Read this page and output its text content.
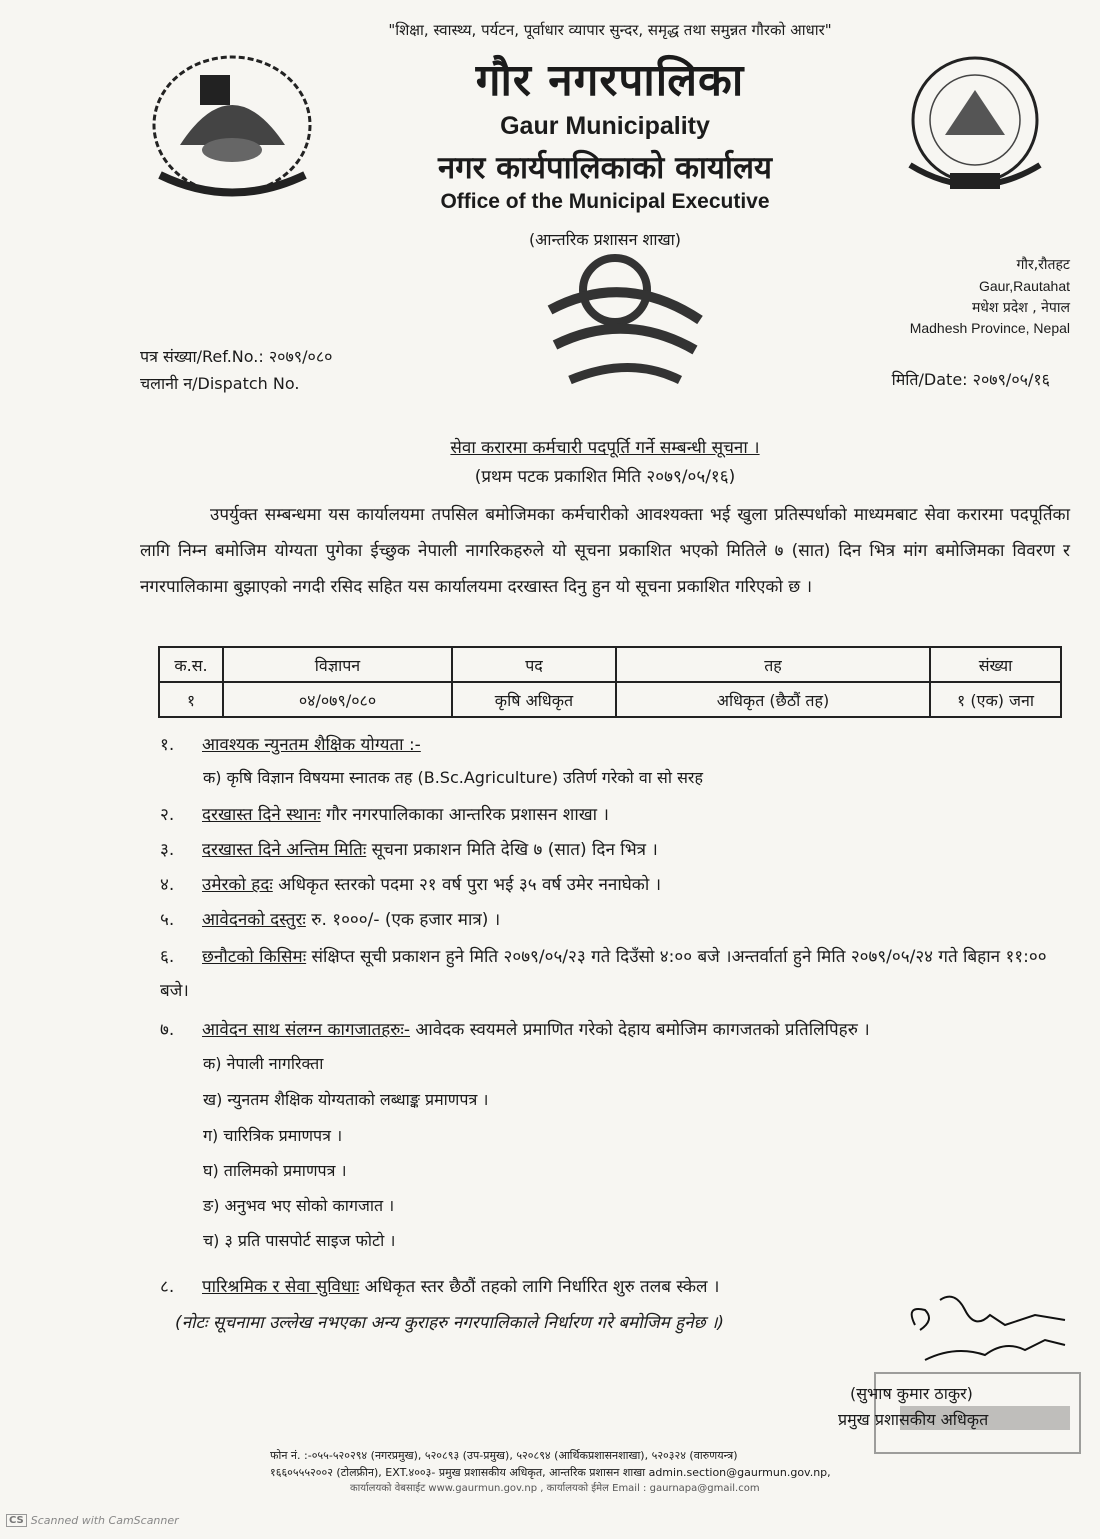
"शिक्षा, स्वास्थ्य, पर्यटन, पूर्वाधार व्यापार सुन्दर, समृद्ध तथा समुन्नत गौरको आधार"
गौर नगरपालिका
Gaur Municipality
नगर कार्यपालिकाको कार्यालय
Office of the Municipal Executive
(आन्तरिक प्रशासन शाखा)
गौर,रौतहट
Gaur,Rautahat
मधेश प्रदेश , नेपाल
Madhesh Province, Nepal
पत्र संख्या/Ref.No.: २०७९/०८०
चलानी न/Dispatch No.	मिति/Date: २०७९/०५/१६
सेवा करारमा कर्मचारी पदपूर्ति गर्ने सम्बन्धी सूचना ।
(प्रथम पटक प्रकाशित मिति २०७९/०५/१६)

उपर्युक्त सम्बन्धमा यस कार्यालयमा तपसिल बमोजिमका कर्मचारीको आवश्यक्ता भई खुला प्रतिस्पर्धाको माध्यमबाट सेवा करारमा पदपूर्तिका लागि निम्न बमोजिम योग्यता पुगेका ईच्छुक नेपाली नागरिकहरुले यो सूचना प्रकाशित भएको मितिले ७ (सात) दिन भित्र मांग बमोजिमका विवरण र नगरपालिकामा बुझाएको नगदी रसिद सहित यस कार्यालयमा दरखास्त दिनु हुन यो सूचना प्रकाशित गरिएको छ ।

क.स.	विज्ञापन	पद	तह	संख्या
१	०४/०७९/०८०	कृषि अधिकृत	अधिकृत (छैठौं तह)	१ (एक) जना
१. आवश्यक न्युनतम शैक्षिक योग्यता :-
क) कृषि विज्ञान विषयमा स्नातक तह (B.Sc.Agriculture) उतिर्ण गरेको वा सो सरह
२. दरखास्त दिने स्थानः गौर नगरपालिकाका आन्तरिक प्रशासन शाखा ।
३. दरखास्त दिने अन्तिम मितिः सूचना प्रकाशन मिति देखि ७ (सात) दिन भित्र ।
४. उमेरको हदः अधिकृत स्तरको पदमा २१ वर्ष पुरा भई ३५ वर्ष उमेर ननाघेको ।
५. आवेदनको दस्तुरः रु. १०००/- (एक हजार मात्र) ।
६. छनौटको किसिमः संक्षिप्त सूची प्रकाशन हुने मिति २०७९/०५/२३ गते दिउँसो ४:०० बजे ।अन्तर्वार्ता हुने मिति २०७९/०५/२४ गते बिहान ११:०० बजे।
७. आवेदन साथ संलग्न कागजातहरुः- आवेदक स्वयमले प्रमाणित गरेको देहाय बमोजिम कागजतको प्रतिलिपिहरु ।
क) नेपाली नागरिक्ता
ख) न्युनतम शैक्षिक योग्यताको लब्धाङ्क प्रमाणपत्र ।
ग) चारित्रिक प्रमाणपत्र ।
घ) तालिमको प्रमाणपत्र ।
ङ) अनुभव भए सोको कागजात ।
च) ३ प्रति पासपोर्ट साइज फोटो ।
८. पारिश्रमिक र सेवा सुविधाः अधिकृत स्तर छैठौं तहको लागि निर्धारित शुरु तलब स्केल ।
(नोटः सूचनामा उल्लेख नभएका अन्य कुराहरु नगरपालिकाले निर्धारण गरे बमोजिम हुनेछ ।)
(सुभाष कुमार ठाकुर)
प्रमुख प्रशासकीय अधिकृत
फोन नं. :-०५५-५२०२९४ (नगरप्रमुख), ५२०८९३ (उप-प्रमुख), ५२०८९४ (आर्थिकप्रशासनशाखा), ५२०३२४ (वारुणयन्त्र)
१६६०५५५२००२ (टोलफ्रीन), EXT.४००३- प्रमुख प्रशासकीय अधिकृत, आन्तरिक प्रशासन शाखा admin.section@gaurmun.gov.np,
कार्यालयको वेबसाईट www.gaurmun.gov.np , कार्यालयको ईमेल Email : gaurnapa@gmail.com
CS Scanned with CamScanner
